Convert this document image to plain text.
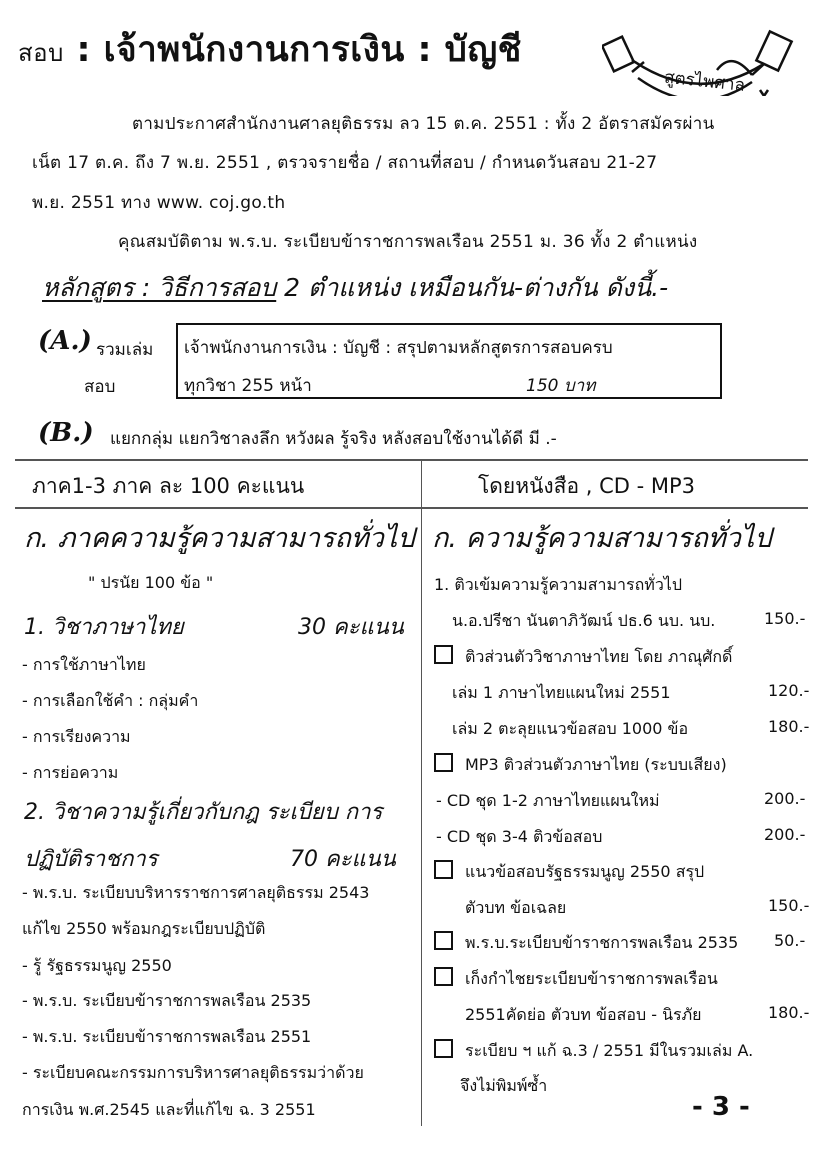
สอบ : เจ้าพนักงานการเงิน : บัญชี
สูตรไพศาล
ตามประกาศสำนักงานศาลยุติธรรม ลว 15 ต.ค. 2551 : ทั้ง 2 อัตราสมัครผ่าน
เน็ต 17 ต.ค. ถึง 7 พ.ย. 2551 , ตรวจรายชื่อ / สถานที่สอบ / กำหนดวันสอบ 21-27
พ.ย. 2551 ทาง www. coj.go.th
คุณสมบัติตาม พ.ร.บ. ระเบียบข้าราชการพลเรือน 2551 ม. 36 ทั้ง 2 ตำแหน่ง
หลักสูตร : วิธีการสอบ 2 ตำแหน่ง เหมือนกัน-ต่างกัน ดังนี้.-
(A.) รวมเล่ม
สอบ
เจ้าพนักงานการเงิน : บัญชี : สรุปตามหลักสูตรการสอบครบ
ทุกวิชา 255 หน้า	150 บาท
(B.) แยกกลุ่ม แยกวิชาลงลึก หวังผล รู้จริง หลังสอบใช้งานได้ดี มี .-
ภาค1-3 ภาค ละ 100 คะแนน	โดยหนังสือ , CD - MP3
ก. ภาคความรู้ความสามารถทั่วไป
" ปรนัย 100 ข้อ "
1. วิชาภาษาไทย	30 คะแนน
- การใช้ภาษาไทย
- การเลือกใช้คำ : กลุ่มคำ
- การเรียงความ
- การย่อความ
2. วิชาความรู้เกี่ยวกับกฎ ระเบียบ การ
ปฏิบัติราชการ	70 คะแนน
- พ.ร.บ. ระเบียบบริหารราชการศาลยุติธรรม 2543
แก้ไข 2550 พร้อมกฎระเบียบปฏิบัติ
- รู้ รัฐธรรมนูญ 2550
- พ.ร.บ. ระเบียบข้าราชการพลเรือน 2535
- พ.ร.บ. ระเบียบข้าราชการพลเรือน 2551
- ระเบียบคณะกรรมการบริหารศาลยุติธรรมว่าด้วย
การเงิน พ.ศ.2545 และที่แก้ไข ฉ. 3 2551
ก. ความรู้ความสามารถทั่วไป
1. ติวเข้มความรู้ความสามารถทั่วไป
น.อ.ปรีชา นันตาภิวัฒน์ ปธ.6 นบ. นบ.	150.-
ติวส่วนตัววิชาภาษาไทย โดย ภาณุศักดิ์
เล่ม 1 ภาษาไทยแผนใหม่ 2551	120.-
เล่ม 2 ตะลุยแนวข้อสอบ 1000 ข้อ	180.-
MP3 ติวส่วนตัวภาษาไทย (ระบบเสียง)
- CD ชุด 1-2 ภาษาไทยแผนใหม่	200.-
- CD ชุด 3-4 ติวข้อสอบ	200.-
แนวข้อสอบรัฐธรรมนูญ 2550 สรุป
ตัวบท ข้อเฉลย	150.-
พ.ร.บ.ระเบียบข้าราชการพลเรือน 2535 50.-
เก็งกำไชยระเบียบข้าราชการพลเรือน
2551คัดย่อ ตัวบท ข้อสอบ - นิรภัย	180.-
ระเบียบ ฯ แก้ ฉ.3 / 2551 มีในรวมเล่ม A.
จึงไม่พิมพ์ซ้ำ
- 3 -
